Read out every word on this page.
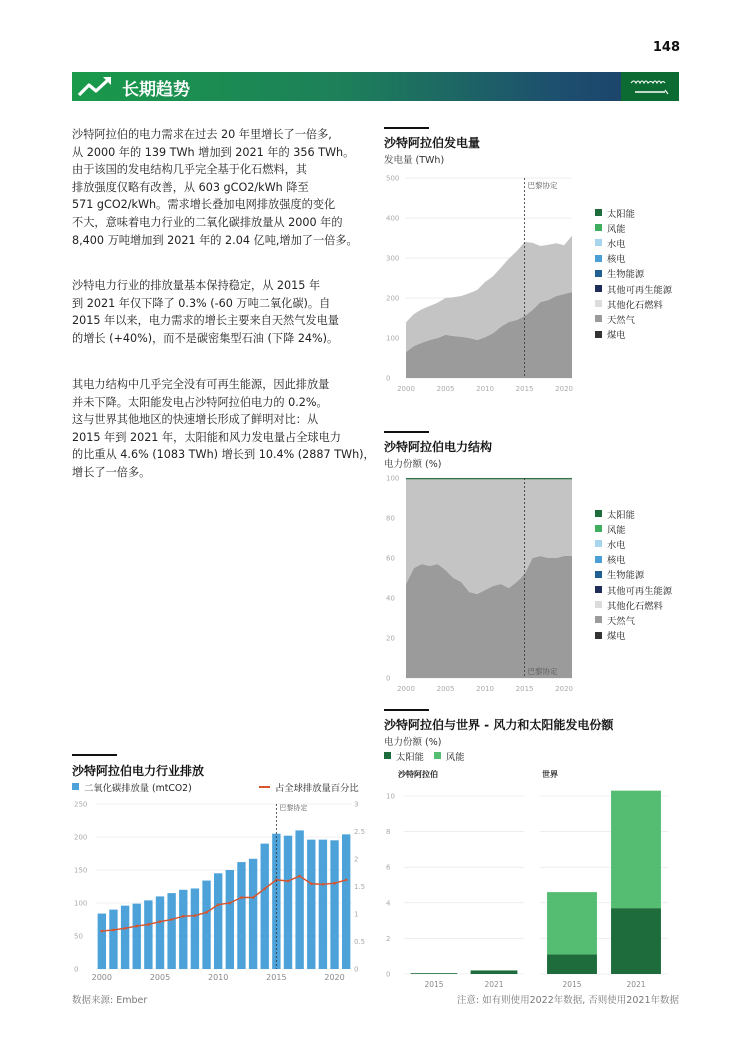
148
长期趋势
沙特阿拉伯的电力需求在过去 20 年里增长了一倍多,
从 2000 年的 139 TWh 增加到 2021 年的 356 TWh。
由于该国的发电结构几乎完全基于化石燃料，其
排放强度仅略有改善，从 603 gCO2/kWh 降至
571 gCO2/kWh。需求增长叠加电网排放强度的变化
不大，意味着电力行业的二氧化碳排放量从 2000 年的
8,400 万吨增加到 2021 年的 2.04 亿吨,增加了一倍多。
沙特电力行业的排放量基本保持稳定，从 2015 年
到 2021 年仅下降了 0.3% (-60 万吨二氧化碳)。自
2015 年以来，电力需求的增长主要来自天然气发电量
的增长 (+40%)，而不是碳密集型石油 (下降 24%)。
其电力结构中几乎完全没有可再生能源，因此排放量
并未下降。太阳能发电占沙特阿拉伯电力的 0.2%。
这与世界其他地区的快速增长形成了鲜明对比：从
2015 年到 2021 年，太阳能和风力发电量占全球电力
的比重从 4.6% (1083 TWh) 增长到 10.4% (2887 TWh)，
增长了一倍多。
沙特阿拉伯发电量
发电量 (TWh)
0
100
200
300
400
500
2000	2005	2010	2015	2020
巴黎协定
太阳能
风能
水电
核电
生物能源
其他可再生能源
其他化石燃料
天然气
煤电
沙特阿拉伯电力结构
电力份额 (%)
0
20
40
60
80
100
2000	2005	2010	2015	2020
巴黎协定
太阳能
风能
水电
核电
生物能源
其他可再生能源
其他化石燃料
天然气
煤电
沙特阿拉伯与世界 - 风力和太阳能发电份额
电力份额 (%)
太阳能 风能
沙特阿拉伯	世界
0
2
4
6
8
10
2015	2021	2015	2021
沙特阿拉伯电力行业排放
二氧化碳排放量 (mtCO2)	占全球排放量百分比
0
50
100
150
200
250
0
0.5
1
1.5
2
2.5
3
2000	2005	2010	2015	2020
巴黎协定
数据来源: Ember	注意: 如有则使用2022年数据, 否则使用2021年数据
